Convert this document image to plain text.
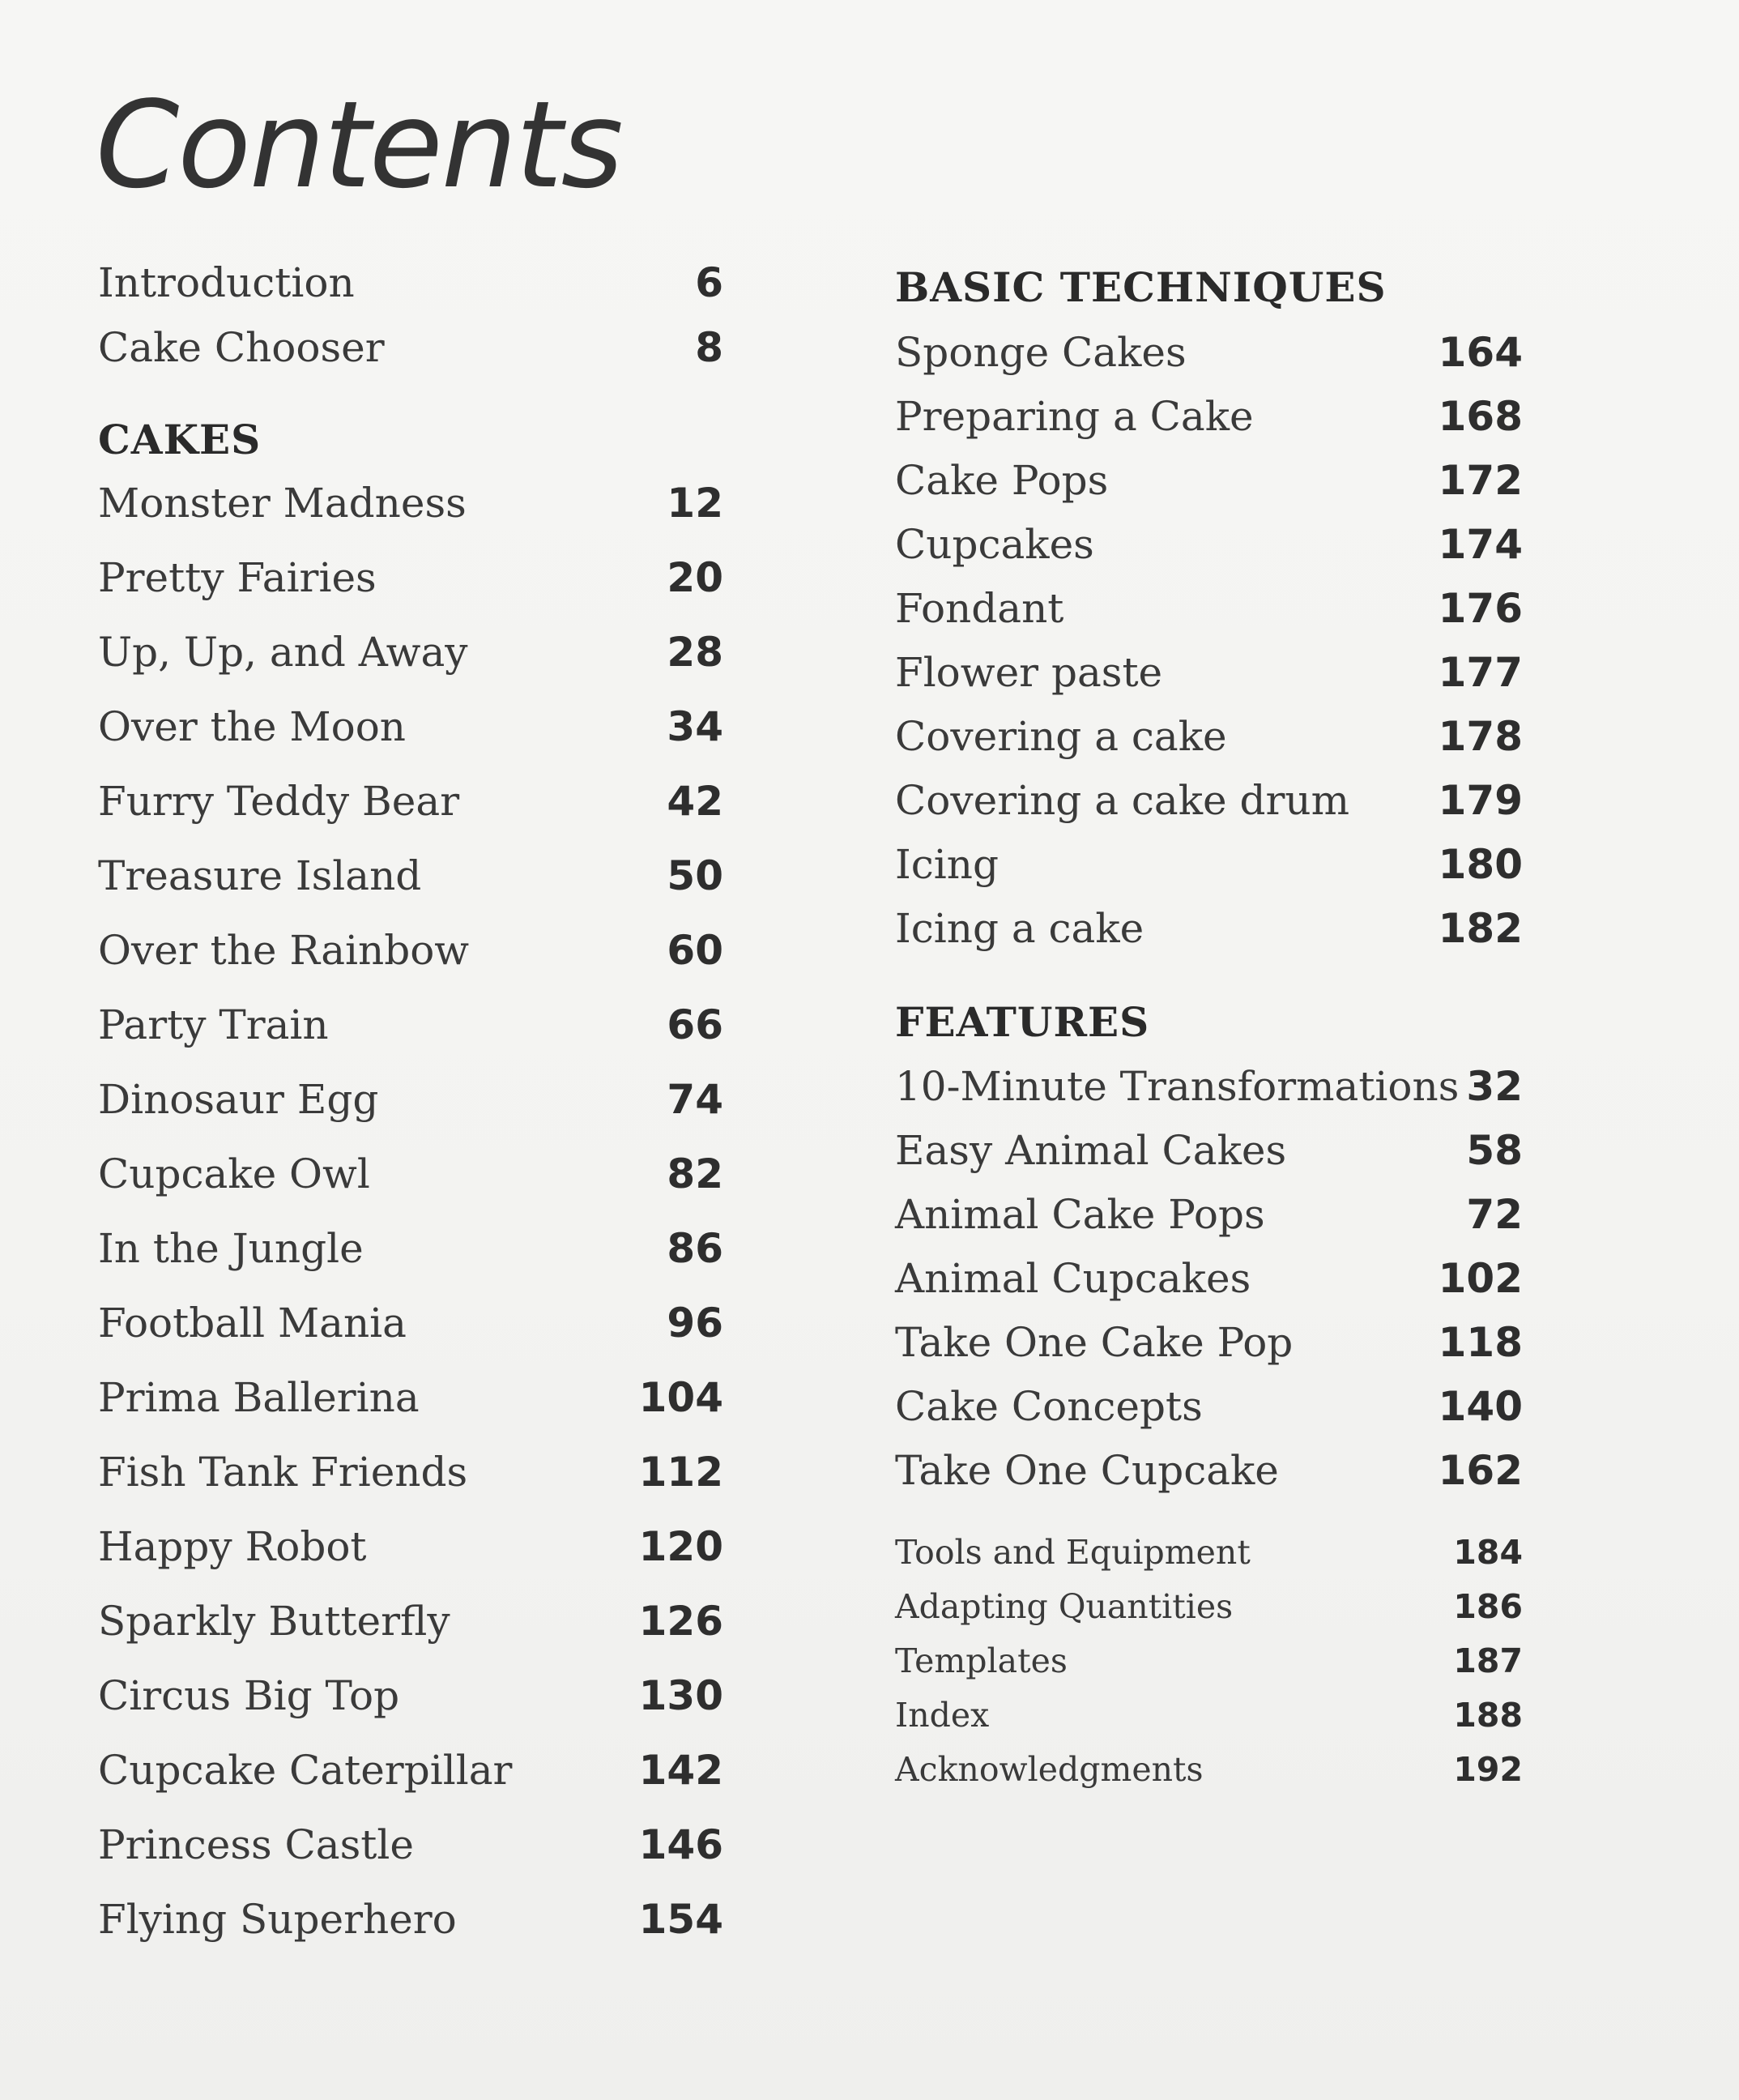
Contents
Introduction	6
Cake Chooser	8
CAKES
Monster Madness	12
Pretty Fairies	20
Up, Up, and Away	28
Over the Moon	34
Furry Teddy Bear	42
Treasure Island	50
Over the Rainbow	60
Party Train	66
Dinosaur Egg	74
Cupcake Owl	82
In the Jungle	86
Football Mania	96
Prima Ballerina	104
Fish Tank Friends	112
Happy Robot	120
Sparkly Butterfly	126
Circus Big Top	130
Cupcake Caterpillar	142
Princess Castle	146
Flying Superhero	154
BASIC TECHNIQUES
Sponge Cakes	164
Preparing a Cake	168
Cake Pops	172
Cupcakes	174
Fondant	176
Flower paste	177
Covering a cake	178
Covering a cake drum 179
Icing	180
Icing a cake	182
FEATURES
10-Minute Transformations 32
Easy Animal Cakes	58
Animal Cake Pops	72
Animal Cupcakes	102
Take One Cake Pop	118
Cake Concepts	140
Take One Cupcake	162
Tools and Equipment	184
Adapting Quantities	186
Templates	187
Index	188
Acknowledgments	192
